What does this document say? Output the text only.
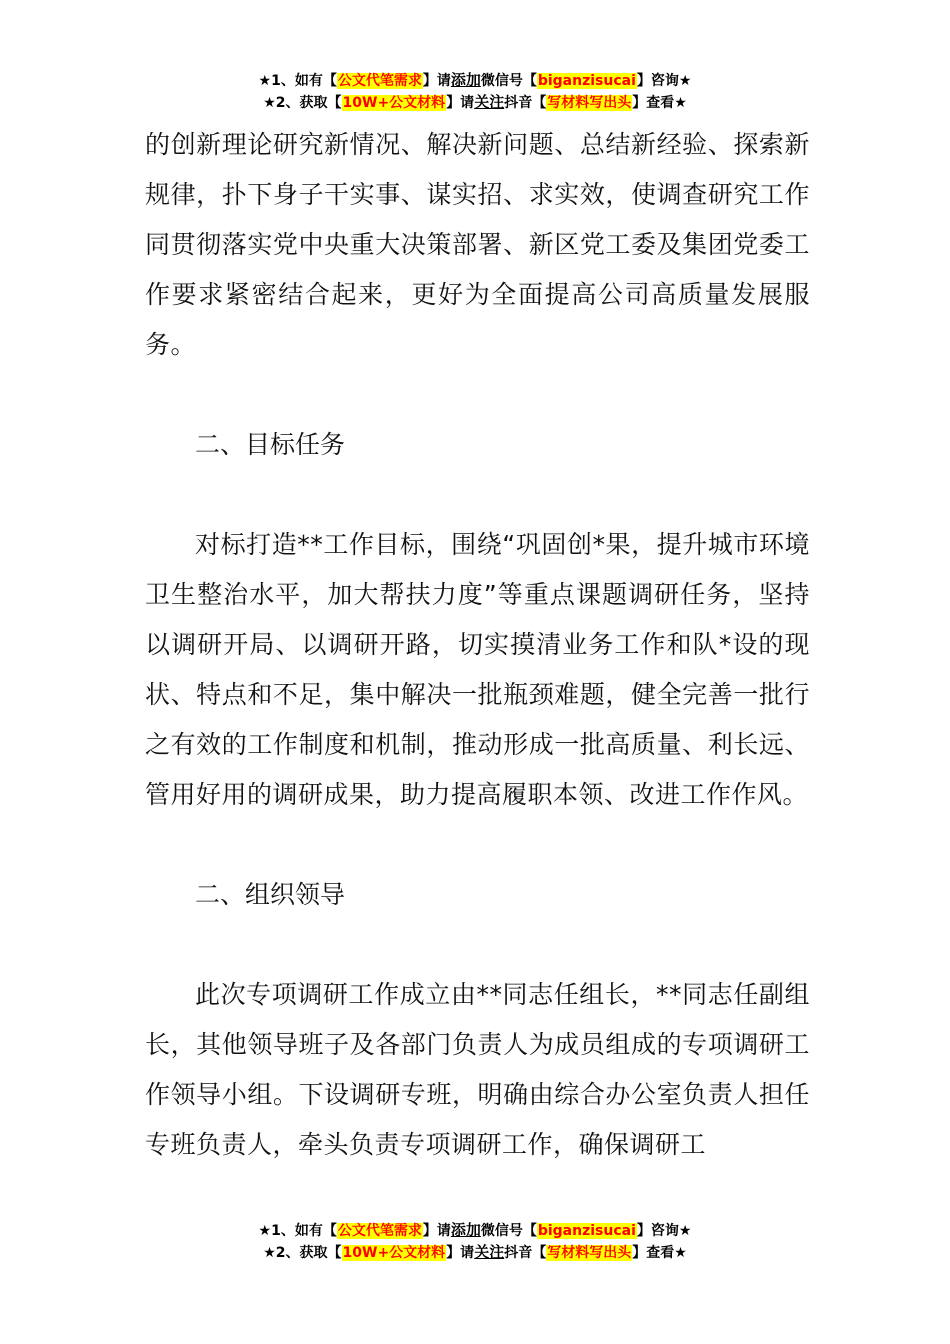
★1、如有【公文代笔需求】请添加微信号【biganzisucai】咨询★
★2、获取【10W+公文材料】请关注抖音【写材料写出头】查看★

的创新理论研究新情况、解决新问题、总结新经验、探索新规律，扑下身子干实事、谋实招、求实效，使调查研究工作同贯彻落实党中央重大决策部署、新区党工委及集团党委工作要求紧密结合起来，更好为全面提高公司高质量发展服务。

二、目标任务

对标打造**工作目标，围绕“巩固创*果，提升城市环境卫生整治水平，加大帮扶力度”等重点课题调研任务，坚持以调研开局、以调研开路，切实摸清业务工作和队*设的现状、特点和不足，集中解决一批瓶颈难题，健全完善一批行之有效的工作制度和机制，推动形成一批高质量、利长远、管用好用的调研成果，助力提高履职本领、改进工作作风。

二、组织领导

此次专项调研工作成立由**同志任组长，**同志任副组长，其他领导班子及各部门负责人为成员组成的专项调研工作领导小组。下设调研专班，明确由综合办公室负责人担任专班负责人，牵头负责专项调研工作，确保调研工

★1、如有【公文代笔需求】请添加微信号【biganzisucai】咨询★
★2、获取【10W+公文材料】请关注抖音【写材料写出头】查看★
